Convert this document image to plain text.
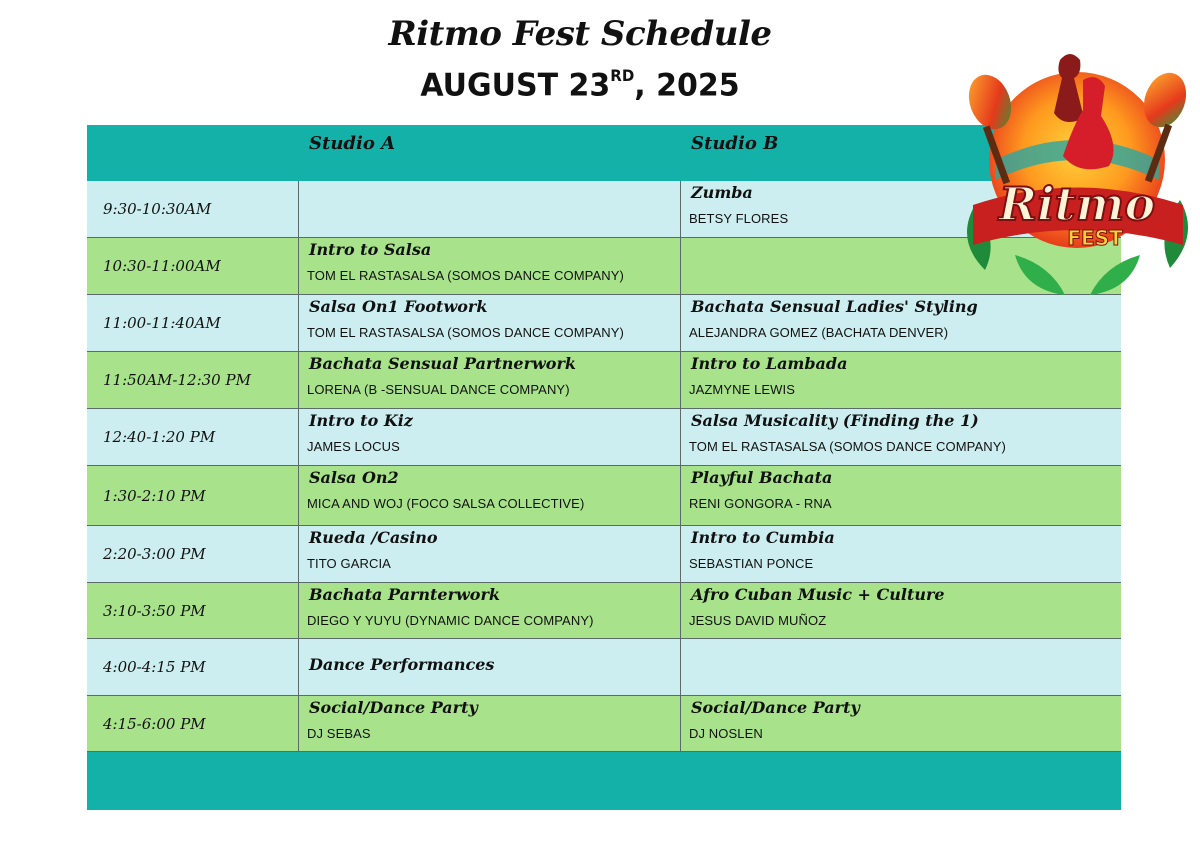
Ritmo Fest Schedule
AUGUST 23RD, 2025
Studio A	Studio B
9:30-10:30AM
Zumba
BETSY FLORES
10:30-11:00AM
Intro to Salsa
TOM EL RASTASALSA (SOMOS DANCE COMPANY)
11:00-11:40AM
Salsa On1 Footwork
TOM EL RASTASALSA (SOMOS DANCE COMPANY)
Bachata Sensual Ladies' Styling
ALEJANDRA GOMEZ (BACHATA DENVER)
11:50AM-12:30 PM
Bachata Sensual Partnerwork
LORENA (B -SENSUAL DANCE COMPANY)
Intro to Lambada
JAZMYNE LEWIS
12:40-1:20 PM
Intro to Kiz
JAMES LOCUS
Salsa Musicality (Finding the 1)
TOM EL RASTASALSA (SOMOS DANCE COMPANY)
1:30-2:10 PM
Salsa On2
MICA AND WOJ (FOCO SALSA COLLECTIVE)
Playful Bachata
RENI GONGORA - RNA
2:20-3:00 PM
Rueda /Casino
TITO GARCIA
Intro to Cumbia
SEBASTIAN PONCE
3:10-3:50 PM
Bachata Parnterwork
DIEGO Y YUYU (DYNAMIC DANCE COMPANY)
Afro Cuban Music + Culture
JESUS DAVID MUÑOZ
4:00-4:15 PM	Dance Performances
4:15-6:00 PM
Social/Dance Party
DJ SEBAS
Social/Dance Party
DJ NOSLEN
Ritmo
FEST
